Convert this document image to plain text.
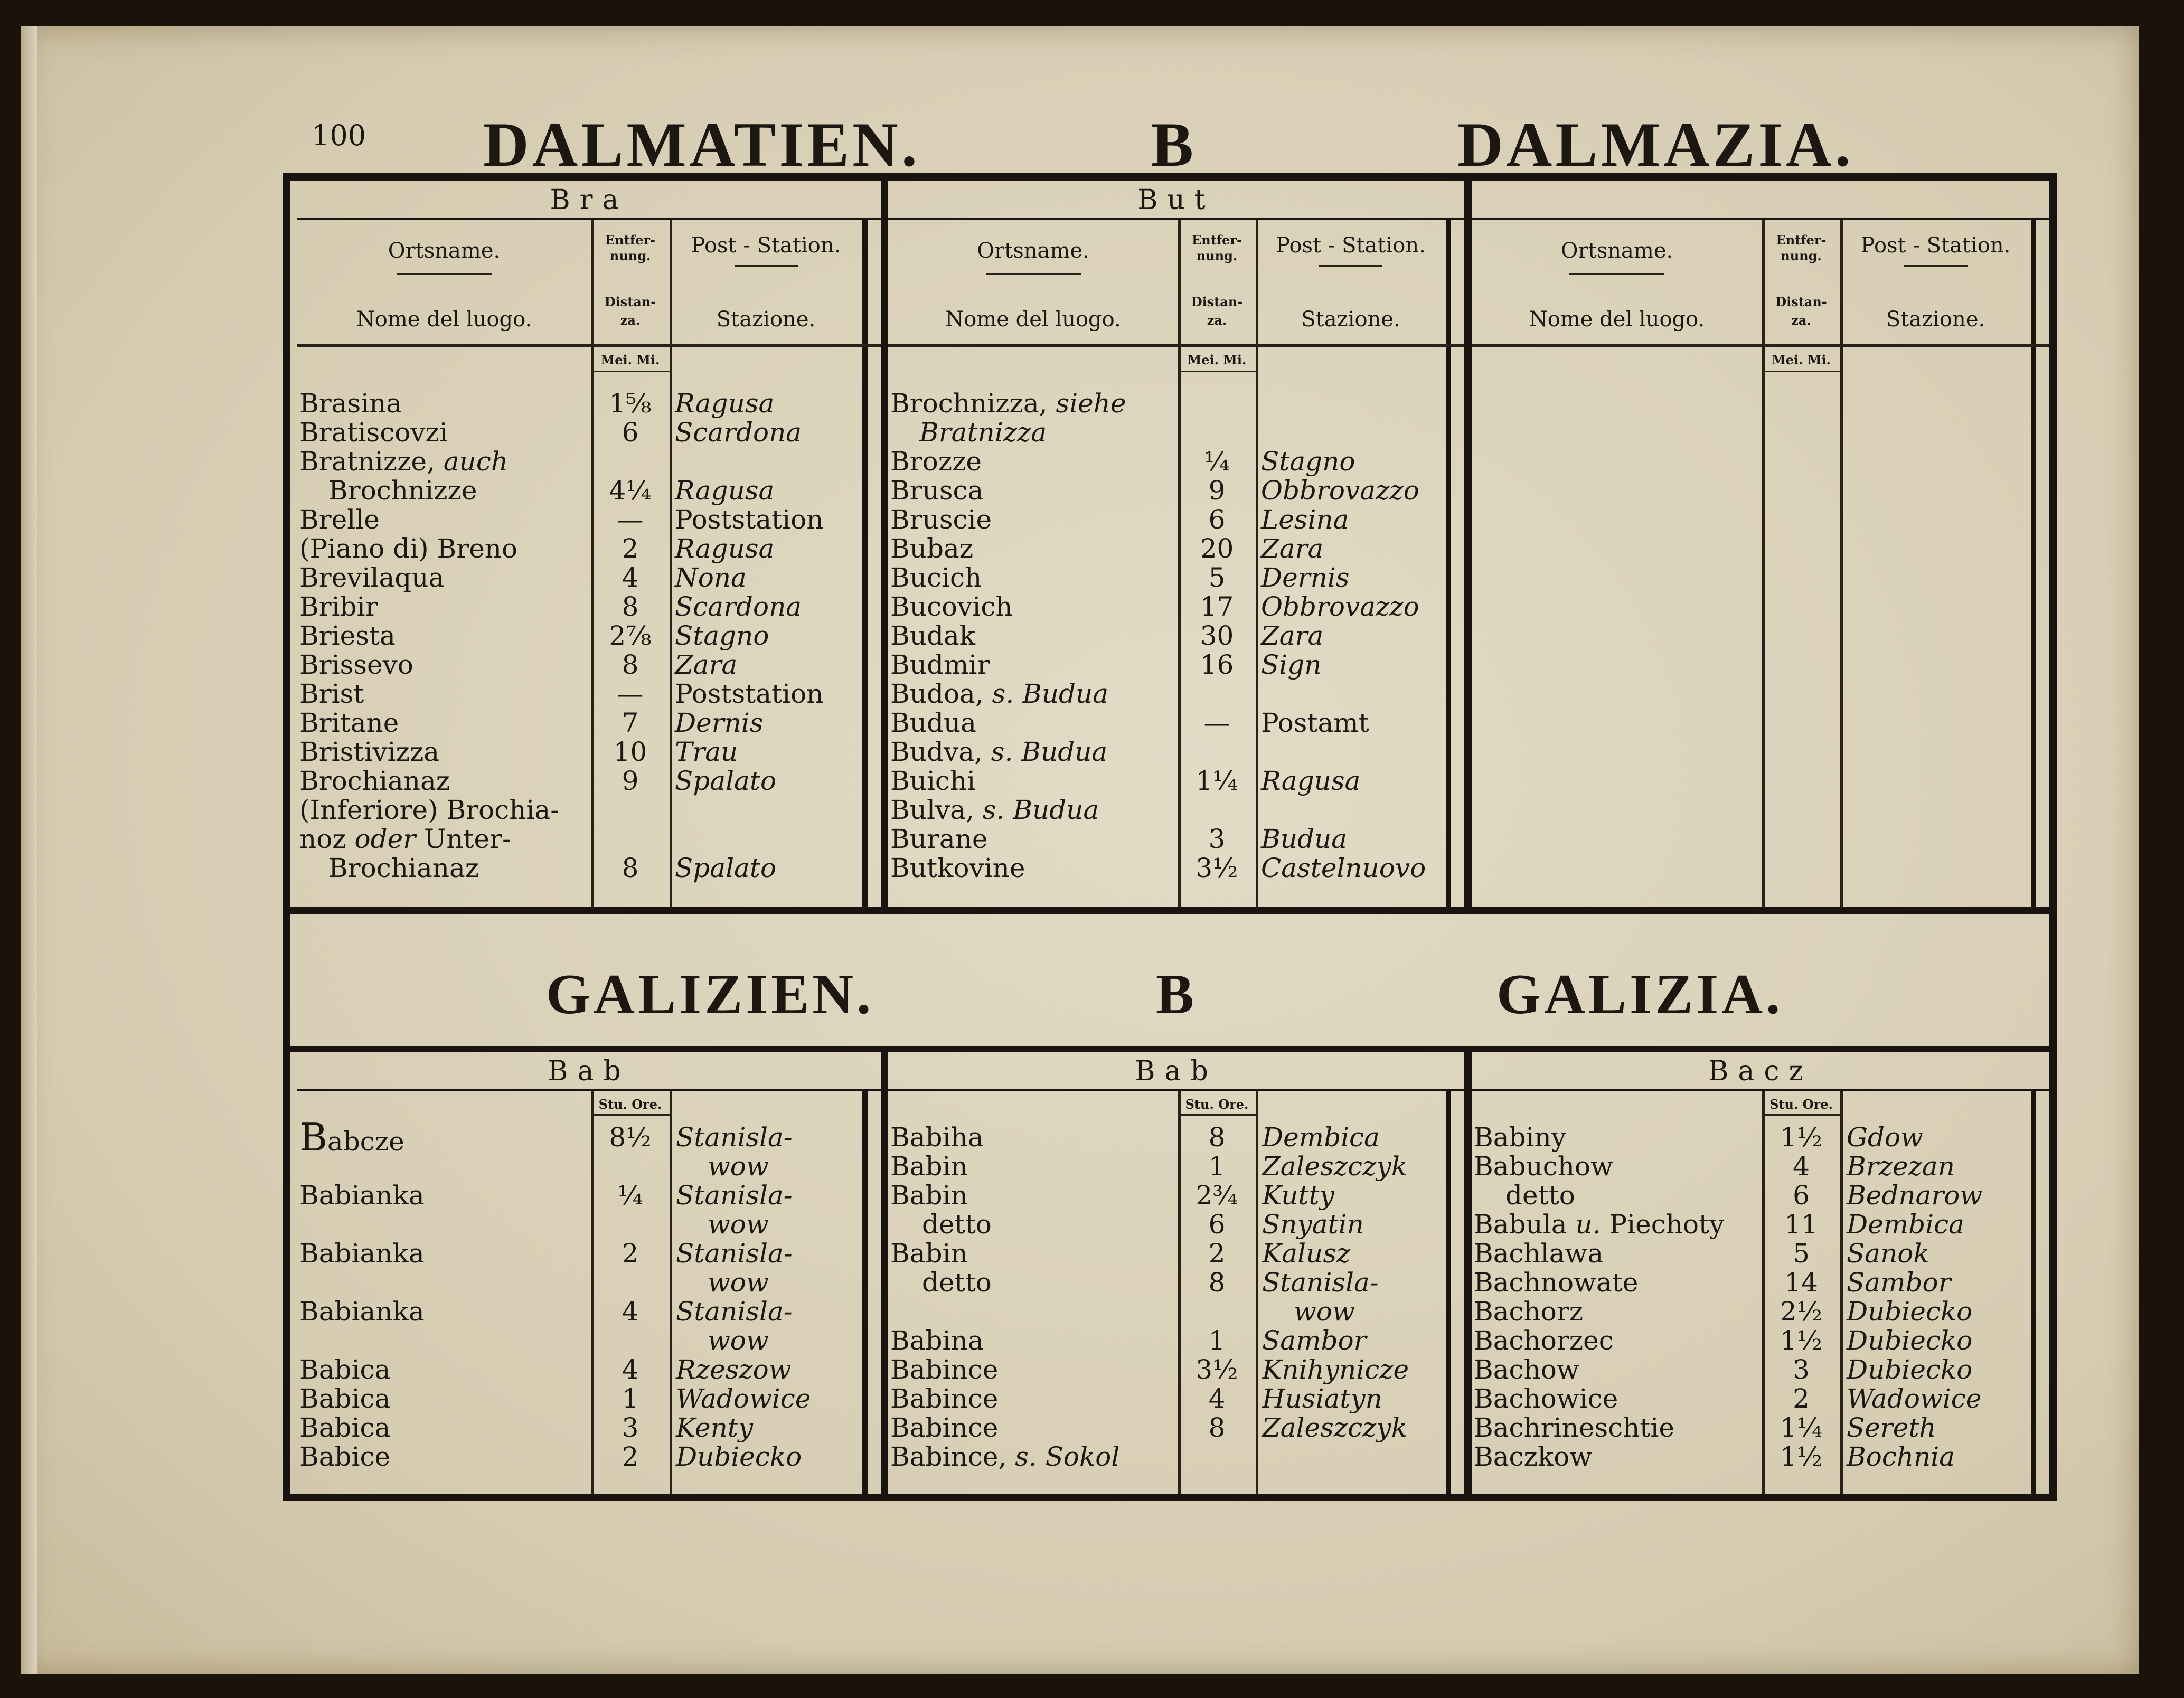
100 DALMATIEN.	B	DALMAZIA.
Bra	But
Ortsname.
Nome del luogo.
Entfer-
nung.
Distan-
za.
Mei. Mi.
Post - Station.
Stazione.
Brasina	1⅝ Ragusa
Bratiscovzi	6	Scardona
Bratnizze, auch
Brochnizze	4¼ Ragusa
Brelle	—	Poststation
(Piano di) Breno	2	Ragusa
Brevilaqua	4	Nona
Bribir	8	Scardona
Briesta	2⅞ Stagno
Brissevo	8	Zara
Brist	—	Poststation
Britane	7	Dernis
Bristivizza	10	Trau
Brochianaz	9	Spalato
(Inferiore) Brochia-
noz oder Unter-
Brochianaz	8	Spalato
Ortsname.
Nome del luogo.
Entfer-
nung.
Distan-
za.
Mei. Mi.
Post - Station.
Stazione.
Brochnizza, siehe
Bratnizza
Brozze	¼	Stagno
Brusca	9	Obbrovazzo
Bruscie	6	Lesina
Bubaz	20	Zara
Bucich	5	Dernis
Bucovich	17	Obbrovazzo
Budak	30	Zara
Budmir	16	Sign
Budoa, s. Budua
Budua	—	Postamt
Budva, s. Budua
Buichi	1¼ Ragusa
Bulva, s. Budua
Burane	3	Budua
Butkovine	3½ Castelnuovo
Ortsname.
Nome del luogo.
Entfer-
nung.
Distan-
za.
Mei. Mi.
Post - Station.
Stazione.
GALIZIEN.	B	GALIZIA.
Bab	Bab	Bacz
Stu. Ore.
Babcze	8½ Stanisla-
wow
Babianka	¼	Stanisla-
wow
Babianka	2	Stanisla-
wow
Babianka	4	Stanisla-
wow
Babica	4	Rzeszow
Babica	1	Wadowice
Babica	3	Kenty
Babice	2	Dubiecko
Stu. Ore.
Babiha	8	Dembica
Babin	1	Zaleszczyk
Babin	2¾ Kutty
detto	6	Snyatin
Babin	2	Kalusz
detto	8	Stanisla-
wow
Babina	1	Sambor
Babince	3½ Knihynicze
Babince	4	Husiatyn
Babince	8	Zaleszczyk
Babince, s. Sokol
Stu. Ore.
Babiny	1½ Gdow
Babuchow	4	Brzezan
detto	6	Bednarow
Babula u. Piechoty	11	Dembica
Bachlawa	5	Sanok
Bachnowate	14	Sambor
Bachorz	2½ Dubiecko
Bachorzec	1½ Dubiecko
Bachow	3	Dubiecko
Bachowice	2	Wadowice
Bachrineschtie	1¼ Sereth
Baczkow	1½ Bochnia
